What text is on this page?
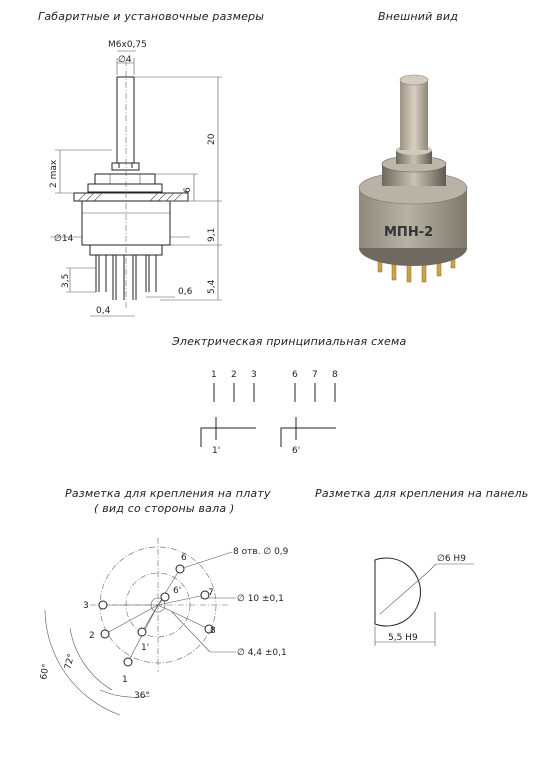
Габаритные и установочные размеры	Внешний вид
Электрическая принципиальная схема
Разметка для крепления на плату
( вид со стороны вала )
Разметка для крепления на панель
М6х0,75
∅4
20
2 max
6
∅14	9,1
3,5	5,4
0,6
0,4
МПН-2
1 2 3	6 7 8
1'	6'
8 отв. ∅ 0,9
∅ 10 ±0,1
∅ 4,4 ±0,1
60°
72°
36°
1
2
3
6
7
8
1'
6'
∅6 Н9
5,5 Н9
